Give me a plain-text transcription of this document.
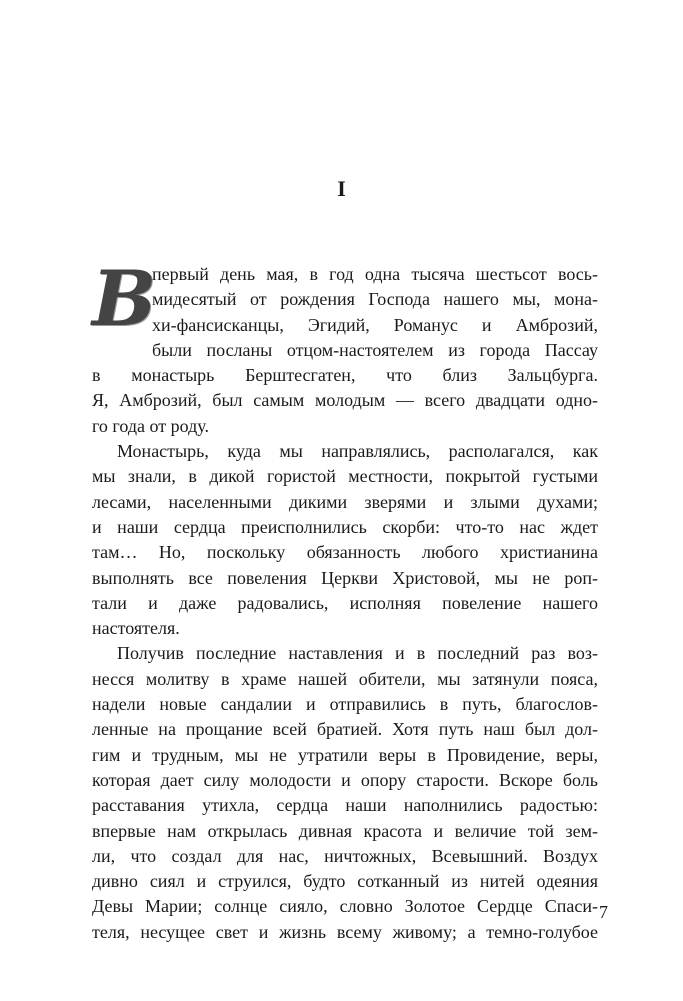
I

В
первый день мая, в год одна тысяча шестьсот вось-
мидесятый от рождения Господа нашего мы, мона-
хи-фансисканцы, Эгидий, Романус и Амброзий,
были посланы отцом-настоятелем из города Пассау
в монастырь Берштесгатен, что близ Зальцбурга.
Я, Амброзий, был самым молодым — всего двадцати одно-
го года от роду.

Монастырь, куда мы направлялись, располагался, как
мы знали, в дикой гористой местности, покрытой густыми
лесами, населенными дикими зверями и злыми духами;
и наши сердца преисполнились скорби: что-то нас ждет
там… Но, поскольку обязанность любого христианина
выполнять все повеления Церкви Христовой, мы не роп-
тали и даже радовались, исполняя повеление нашего
настоятеля.

Получив последние наставления и в последний раз воз-
несся молитву в храме нашей обители, мы затянули пояса,
надели новые сандалии и отправились в путь, благослов-
ленные на прощание всей братией. Хотя путь наш был дол-
гим и трудным, мы не утратили веры в Провидение, веры,
которая дает силу молодости и опору старости. Вскоре боль
расставания утихла, сердца наши наполнились радостью:
впервые нам открылась дивная красота и величие той зем-
ли, что создал для нас, ничтожных, Всевышний. Воздух
дивно сиял и струился, будто сотканный из нитей одеяния
Девы Марии; солнце сияло, словно Золотое Сердце Спаси-
теля, несущее свет и жизнь всему живому; а темно-голубое

7
